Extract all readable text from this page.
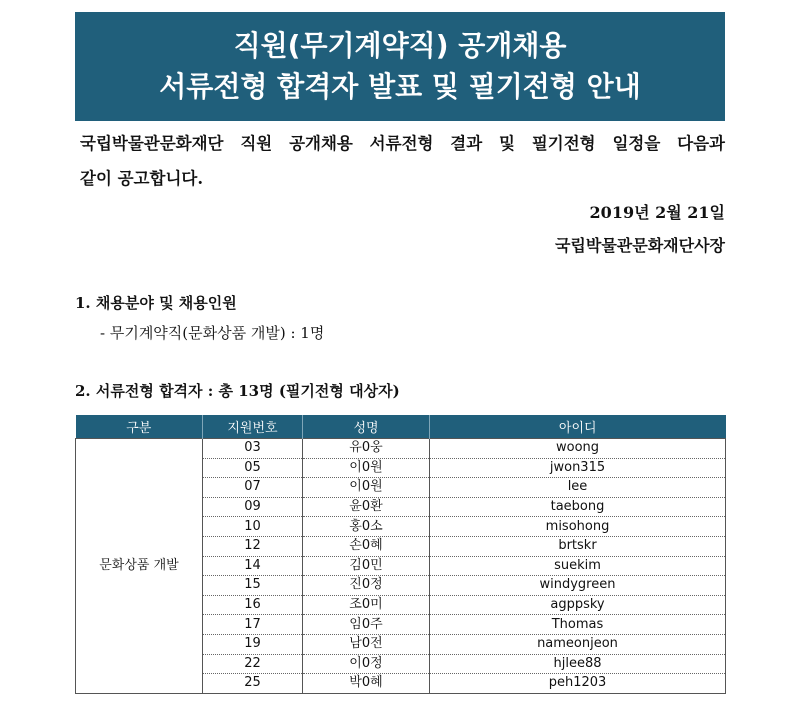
직원(무기계약직) 공개채용
서류전형 합격자 발표 및 필기전형 안내
국립박물관문화재단 직원 공개채용 서류전형 결과 및 필기전형 일정을 다음과
같이 공고합니다.
2019년 2월 21일
국립박물관문화재단사장
1. 채용분야 및 채용인원
- 무기계약직(문화상품 개발) : 1명
2. 서류전형 합격자 : 총 13명 (필기전형 대상자)
구분	지원번호	성명	아이디
문화상품 개발	03	유0웅	woong
	05	이0원	jwon315
	07	이0원	lee
	09	윤0환	taebong
	10	홍0소	misohong
	12	손0혜	brtskr
	14	김0민	suekim
	15	진0정	windygreen
	16	조0미	agppsky
	17	임0주	Thomas
	19	남0전	nameonjeon
	22	이0정	hjlee88
	25	박0혜	peh1203
